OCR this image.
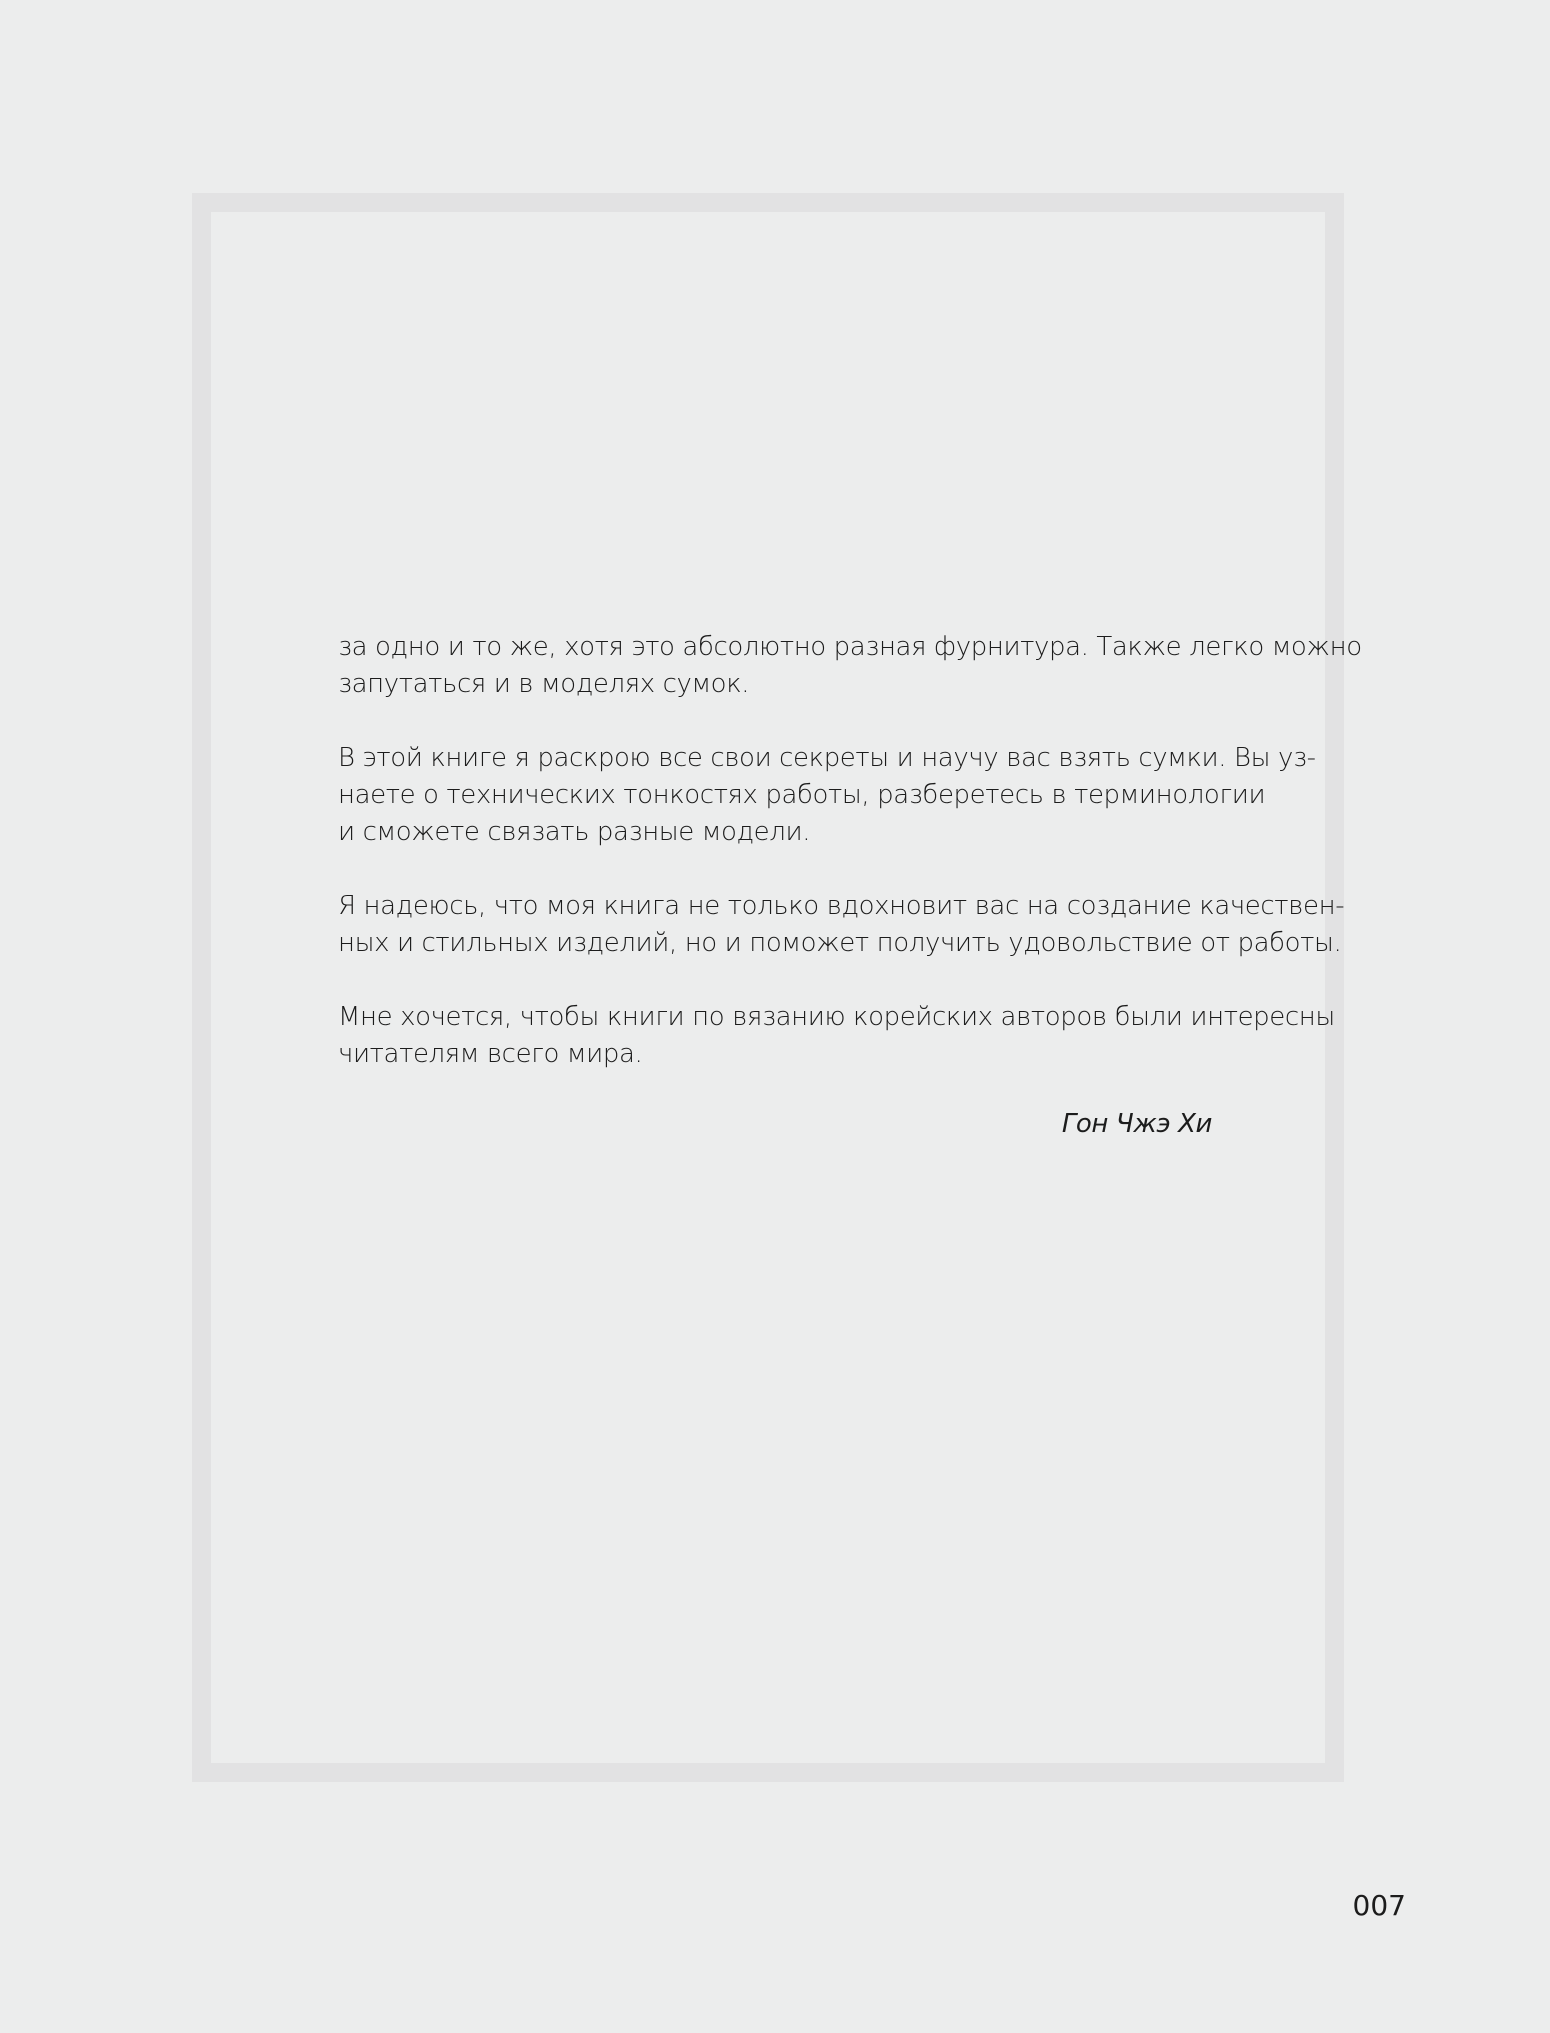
за одно и то же, хотя это абсолютно разная фурнитура. Также легко можно
запутаться и в моделях сумок.

В этой книге я раскрою все свои секреты и научу вас взять сумки. Вы уз-
наете о технических тонкостях работы, разберетесь в терминологии
и сможете связать разные модели.

Я надеюсь, что моя книга не только вдохновит вас на создание качествен-
ных и стильных изделий, но и поможет получить удовольствие от работы.

Мне хочется, чтобы книги по вязанию корейских авторов были интересны
читателям всего мира.

Гон Чжэ Хи
007
